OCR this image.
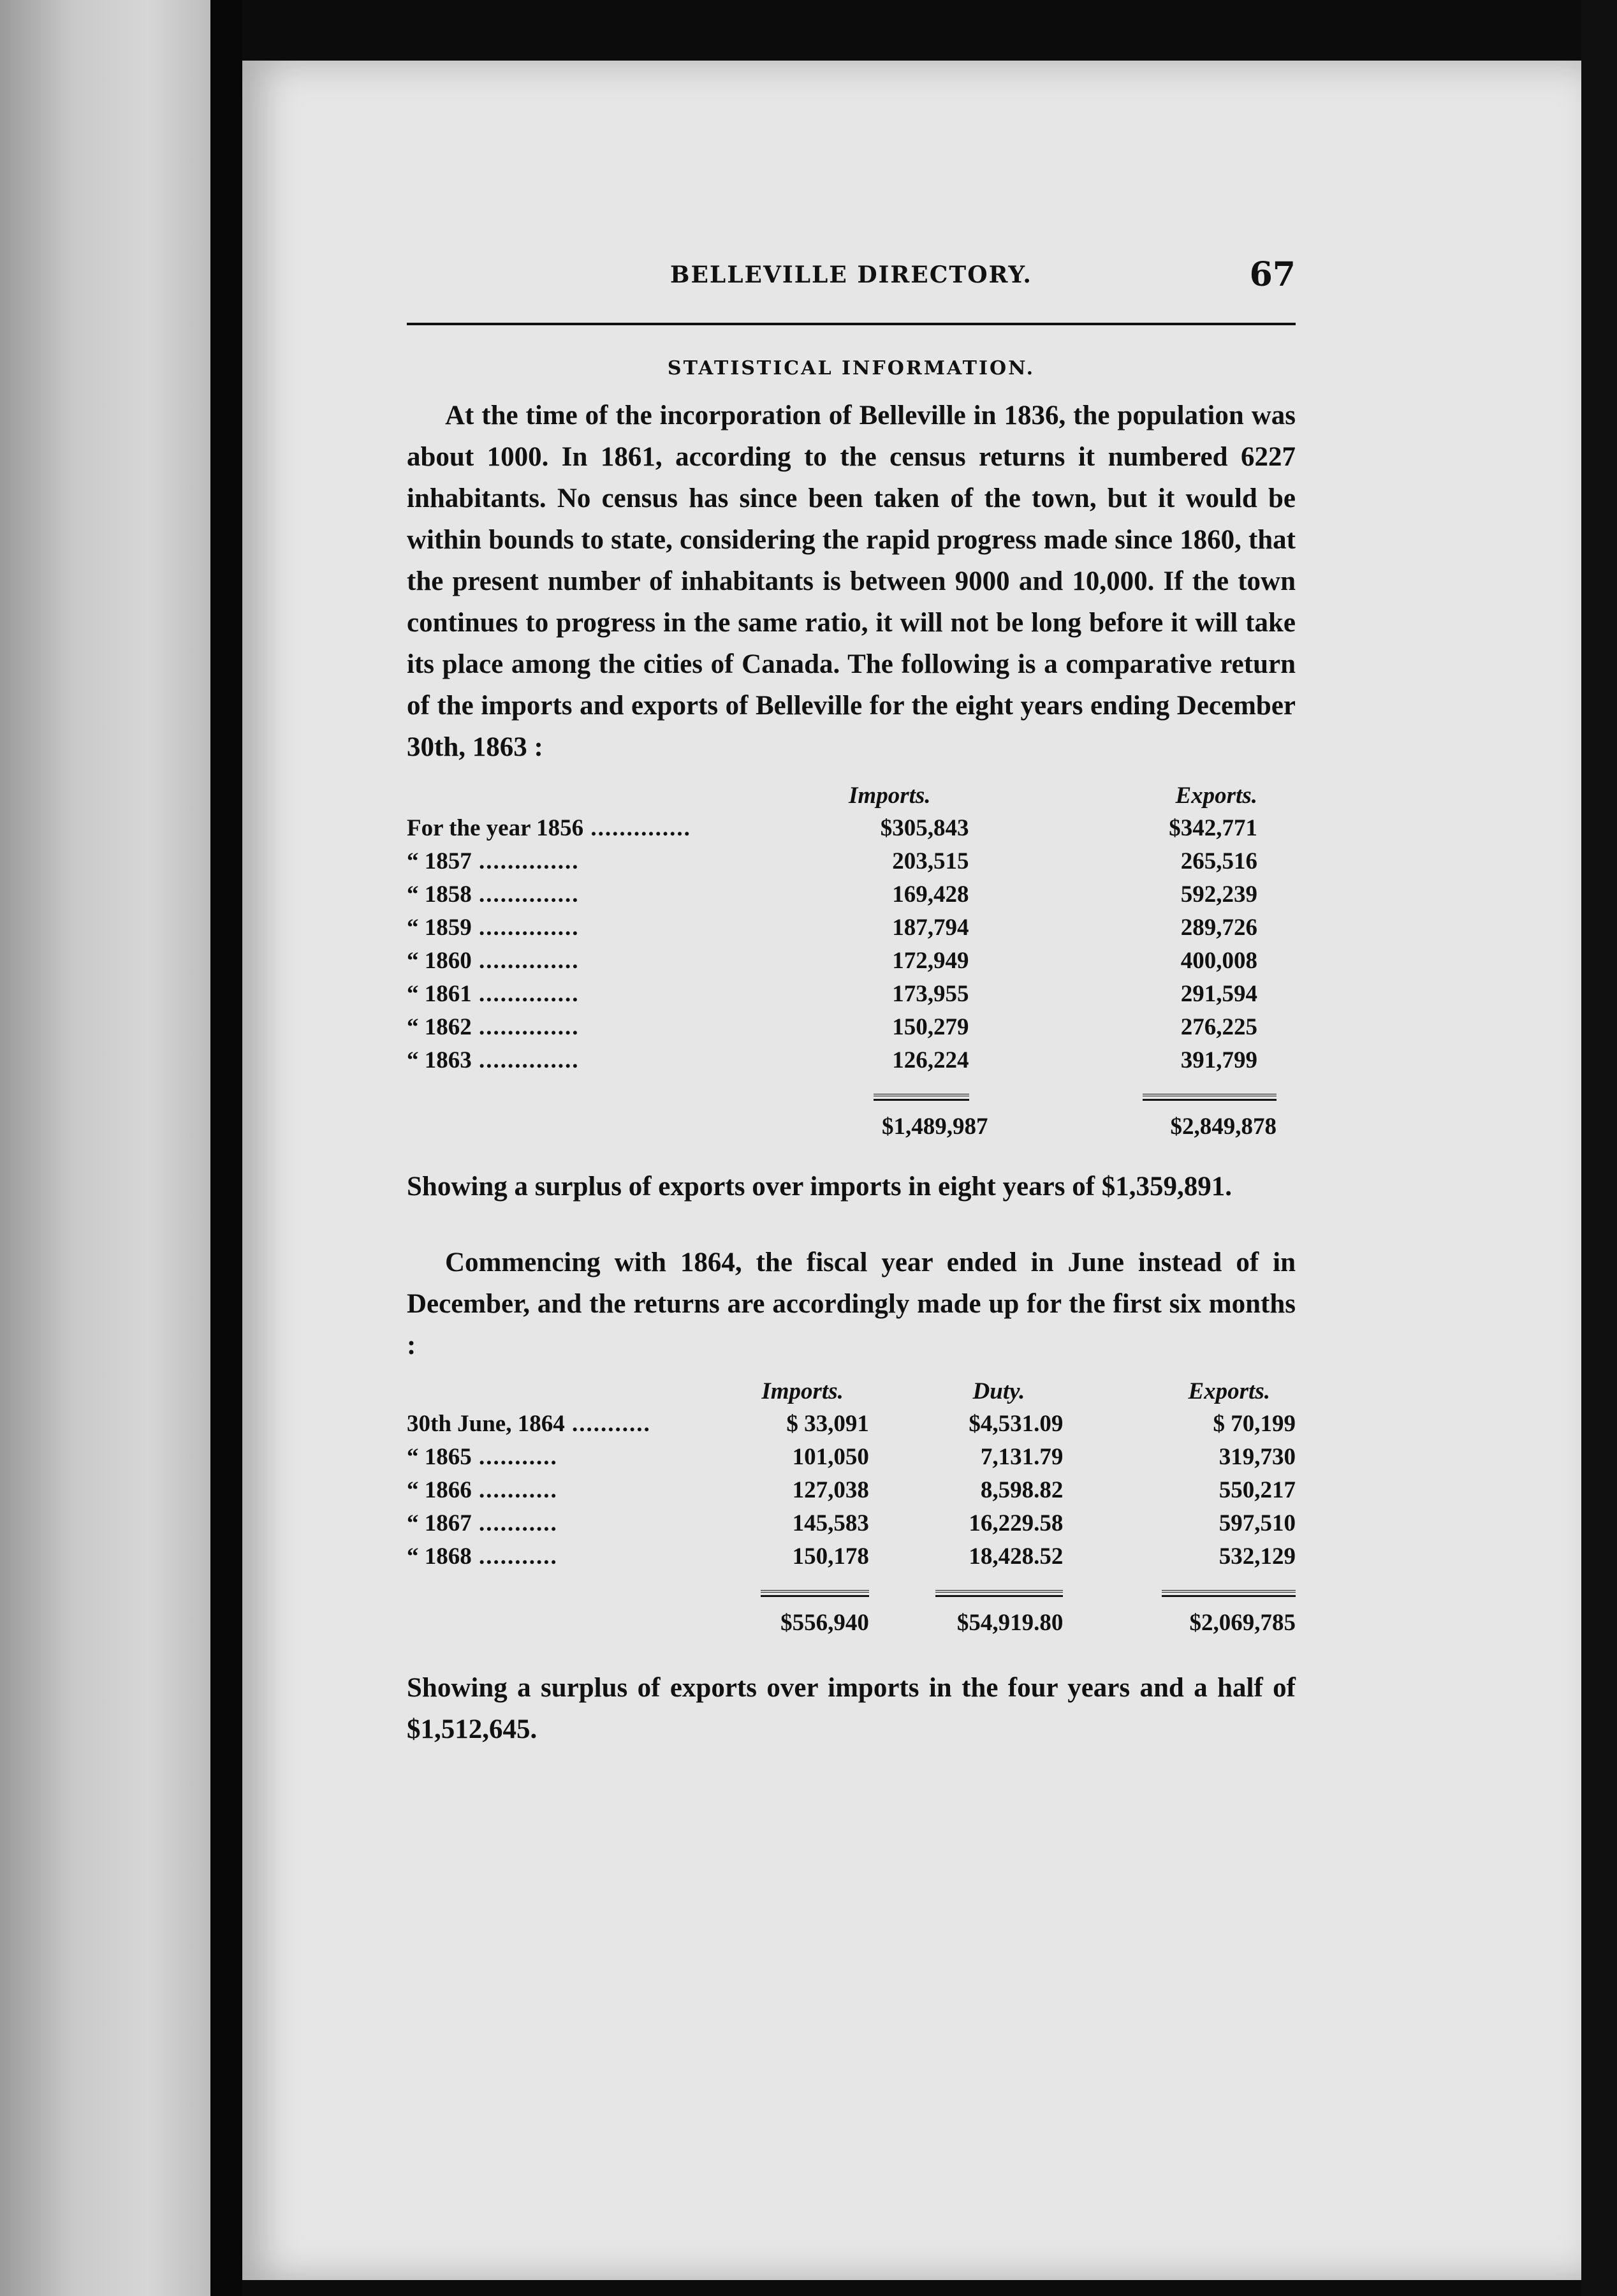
BELLEVILLE DIRECTORY.	67
STATISTICAL INFORMATION.

At the time of the incorporation of Belleville in 1836, the population was about 1000. In 1861, according to the census returns it numbered 6227 inhabitants. No census has since been taken of the town, but it would be within bounds to state, considering the rapid progress made since 1860, that the present number of inhabitants is between 9000 and 10,000. If the town continues to progress in the same ratio, it will not be long before it will take its place among the cities of Canada. The following is a comparative return of the imports and exports of Belleville for the eight years ending December 30th, 1863 :

	Imports.	Exports.
For the year 1856 ..............	$305,843	$342,771
“ 1857 ..............	203,515	265,516
“ 1858 ..............	169,428	592,239
“ 1859 ..............	187,794	289,726
“ 1860 ..............	172,949	400,008
“ 1861 ..............	173,955	291,594
“ 1862 ..............	150,279	276,225
“ 1863 ..............	126,224	391,799

	$1,489,987	$2,849,878

Showing a surplus of exports over imports in eight years of $1,359,891.

Commencing with 1864, the fiscal year ended in June instead of in December, and the returns are accordingly made up for the first six months :

	Imports.	Duty.	Exports.
30th June, 1864 ...........	$ 33,091	$4,531.09	$ 70,199
“ 1865 ...........	101,050	7,131.79	319,730
“ 1866 ...........	127,038	8,598.82	550,217
“ 1867 ...........	145,583	16,229.58	597,510
“ 1868 ...........	150,178	18,428.52	532,129

	$556,940	$54,919.80	$2,069,785

Showing a surplus of exports over imports in the four years and a half of $1,512,645.
